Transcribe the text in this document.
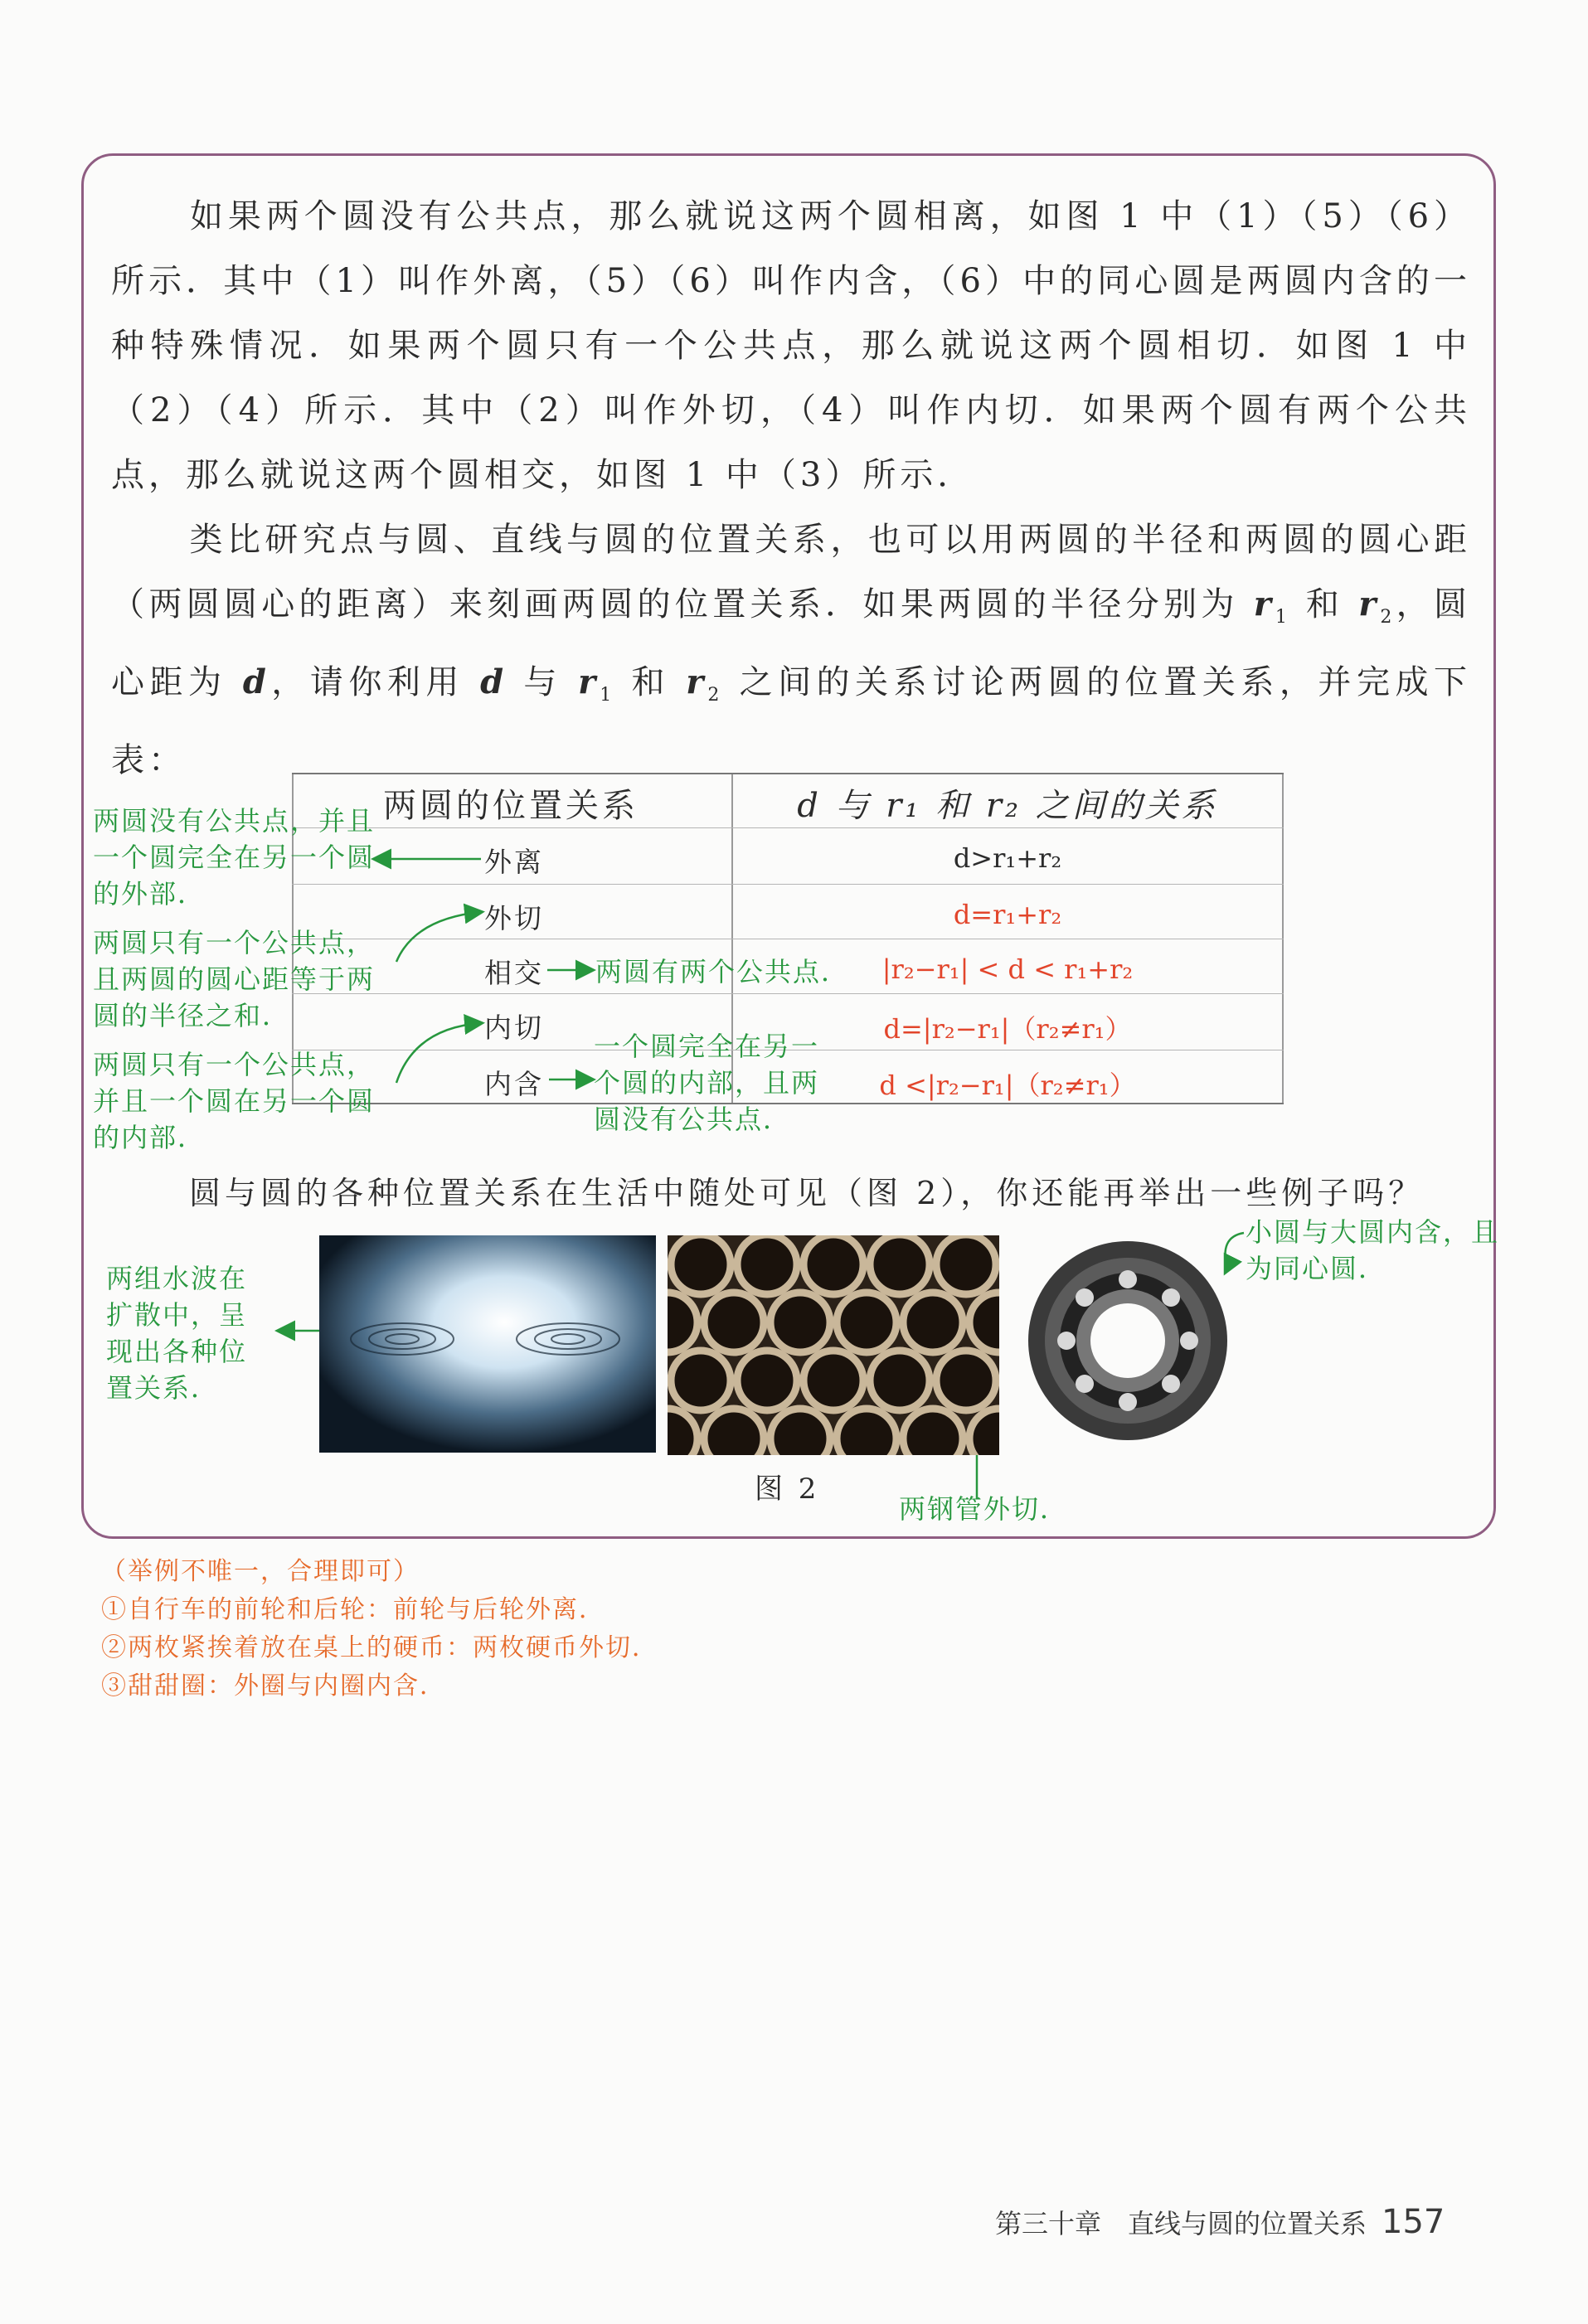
如果两个圆没有公共点，那么就说这两个圆相离，如图 1 中（1）（5）（6）所示．其中（1）叫作外离，（5）（6）叫作内含，（6）中的同心圆是两圆内含的一种特殊情况．如果两个圆只有一个公共点，那么就说这两个圆相切．如图 1 中（2）（4）所示．其中（2）叫作外切，（4）叫作内切．如果两个圆有两个公共点，那么就说这两个圆相交，如图 1 中（3）所示．

类比研究点与圆、直线与圆的位置关系，也可以用两圆的半径和两圆的圆心距（两圆圆心的距离）来刻画两圆的位置关系．如果两圆的半径分别为 $r_1$ 和 $r_2$，圆心距为 d，请你利用 d 与 $r_1$ 和 $r_2$ 之间的关系讨论两圆的位置关系，并完成下表：

两圆的位置关系	d 与 r₁ 和 r₂ 之间的关系
外离	d>r₁+r₂
外切	d=r₁+r₂
相交	|r₂−r₁| < d < r₁+r₂
内切	d=|r₂−r₁|（r₂≠r₁）
内含	d <|r₂−r₁|（r₂≠r₁）

两圆没有公共点，并且一个圆完全在另一个圆的外部．

两圆只有一个公共点，且两圆的圆心距等于两圆的半径之和．

两圆只有一个公共点，并且一个圆在另一个圆的内部．

两圆有两个公共点．

一个圆完全在另一个圆的内部，且两圆没有公共点．

圆与圆的各种位置关系在生活中随处可见（图 2），你还能再举出一些例子吗？

两组水波在扩散中，呈现出各种位置关系．

小圆与大圆内含，且为同心圆．

两钢管外切．

图 2
（举例不唯一，合理即可）
①自行车的前轮和后轮：前轮与后轮外离．
②两枚紧挨着放在桌上的硬币：两枚硬币外切．
③甜甜圈：外圈与内圈内含．
第三十章　直线与圆的位置关系 157
